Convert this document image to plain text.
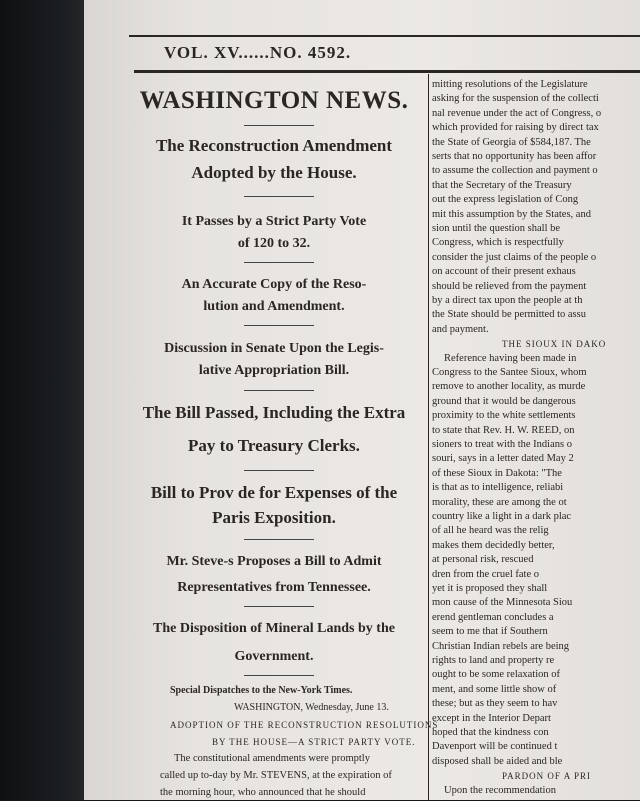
VOL. XV......NO. 4592.
WASHINGTON NEWS.
The Reconstruction Amendment
Adopted by the House.
It Passes by a Strict Party Vote
of 120 to 32.
An Accurate Copy of the Reso-
lution and Amendment.
Discussion in Senate Upon the Legis-
lative Appropriation Bill.
The Bill Passed, Including the Extra
Pay to Treasury Clerks.
Bill to Prov de for Expenses of the
Paris Exposition.
Mr. Steve-s Proposes a Bill to Admit
Representatives from Tennessee.
The Disposition of Mineral Lands by the
Government.
Special Dispatches to the New-York Times.
WASHINGTON, Wednesday, June 13.
ADOPTION OF THE RECONSTRUCTION RESOLUTIONS
BY THE HOUSE—A STRICT PARTY VOTE.
The constitutional amendments were promptly
called up to-day by Mr. STEVENS, at the expiration of
the morning hour, who announced that he should
mitting resolutions of the Legislature
asking for the suspension of the collecti
nal revenue under the act of Congress, o
which provided for raising by direct tax
the State of Georgia of $584,187. The
serts that no opportunity has been affor
to assume the collection and payment o
that the Secretary of the Treasury
out the express legislation of Cong
mit this assumption by the States, and
sion until the question shall be
Congress, which is respectfully
consider the just claims of the people o
on account of their present exhaus
should be relieved from the payment
by a direct tax upon the people at th
the State should be permitted to assu
and payment.
THE SIOUX IN DAKO
Reference having been made in
Congress to the Santee Sioux, whom
remove to another locality, as murde
ground that it would be dangerous
proximity to the white settlements
to state that Rev. H. W. REED, on
sioners to treat with the Indians o
souri, says in a letter dated May 2
of these Sioux in Dakota: "The
is that as to intelligence, reliabi
morality, these are among the ot
country like a light in a dark plac
of all he heard was the relig
makes them decidedly better,
at personal risk, rescued
dren from the cruel fate o
yet it is proposed they shall
mon cause of the Minnesota Siou
erend gentleman concludes a
seem to me that if Southern
Christian Indian rebels are being
rights to land and property re
ought to be some relaxation of
ment, and some little show of
these; but as they seem to hav
except in the Interior Depart
hoped that the kindness con
Davenport will be continued t
disposed shall be aided and ble
PARDON OF A PRI
Upon the recommendation
